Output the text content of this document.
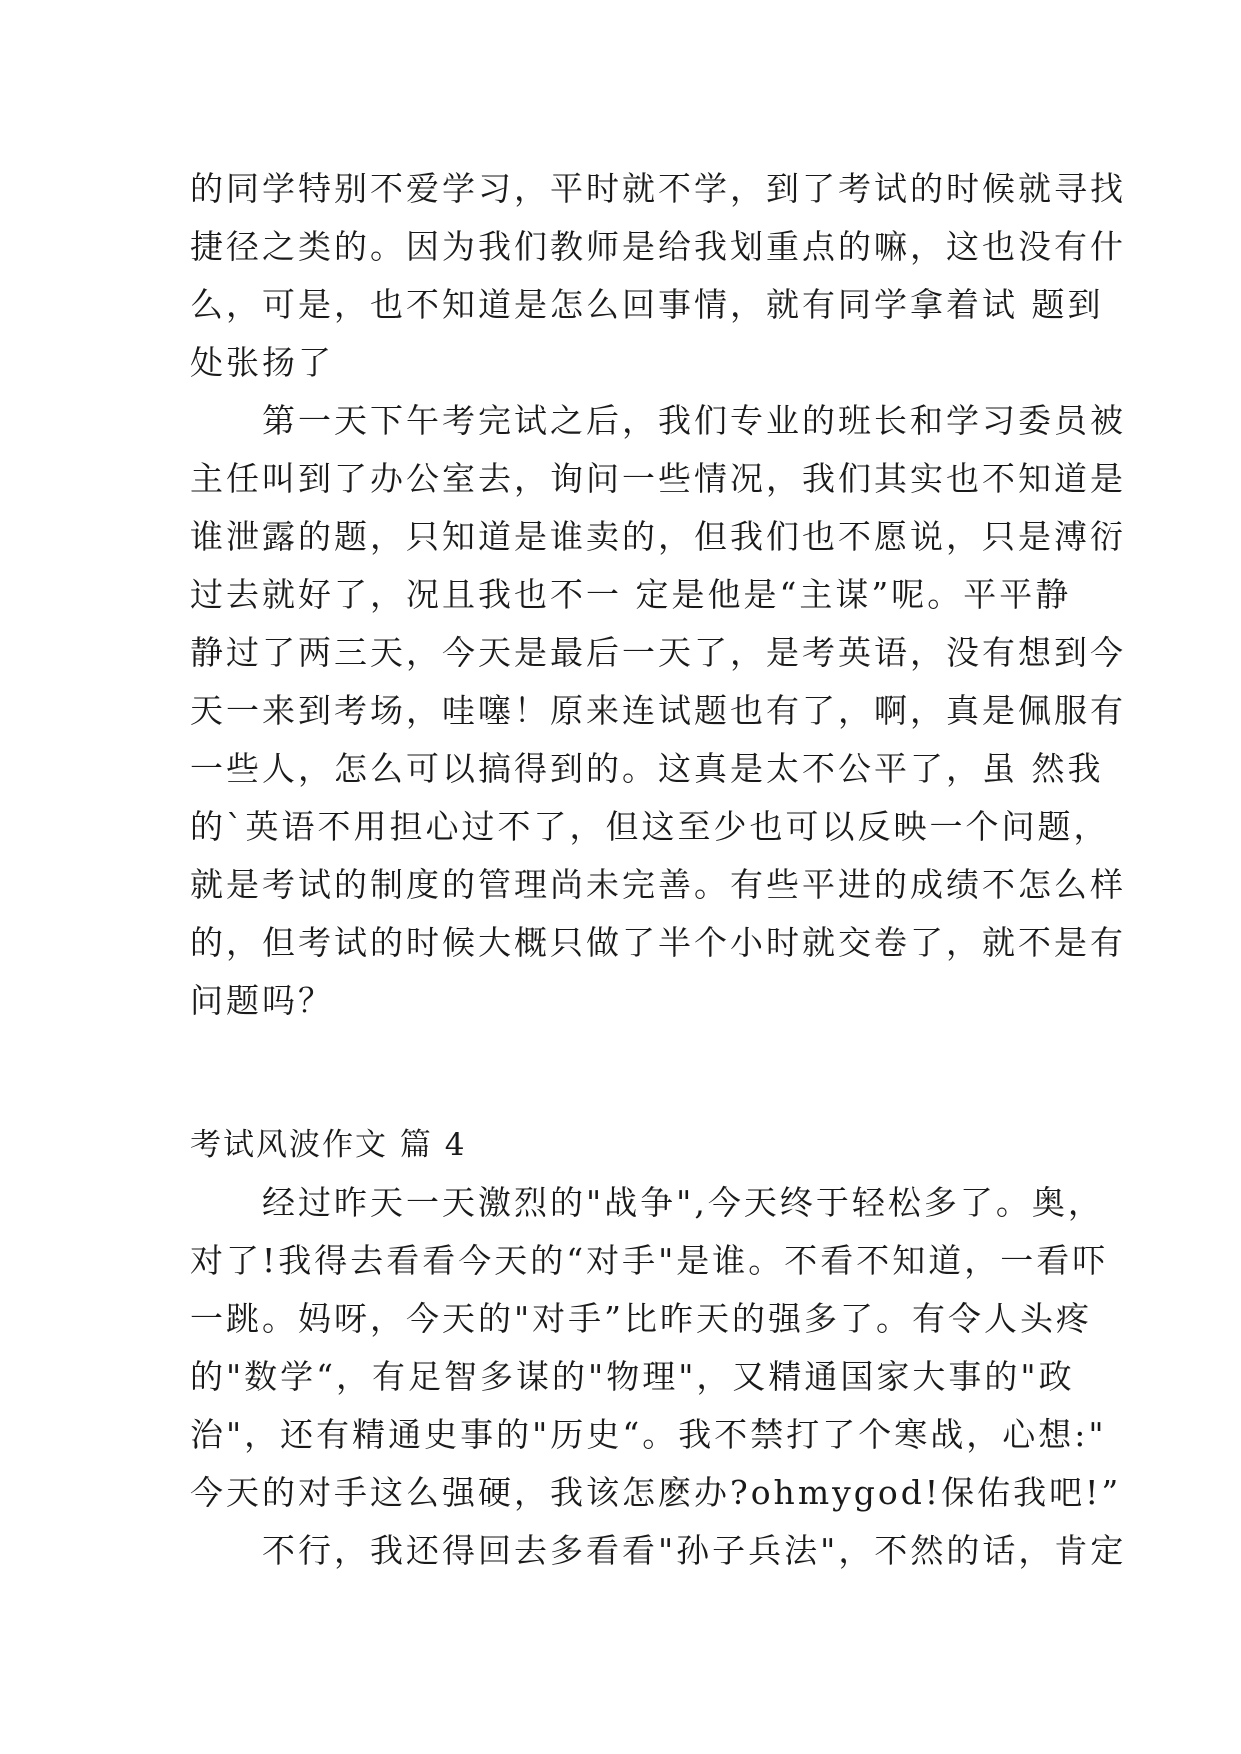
的同学特别不爱学习，平时就不学，到了考试的时候就寻找
捷径之类的。因为我们教师是给我划重点的嘛，这也没有什
么，可是，也不知道是怎么回事情，就有同学拿着试 题到
处张扬了
　　第一天下午考完试之后，我们专业的班长和学习委员被
主任叫到了办公室去，询问一些情况，我们其实也不知道是
谁泄露的题，只知道是谁卖的，但我们也不愿说，只是溥衍
过去就好了，况且我也不一 定是他是“主谋”呢。平平静
静过了两三天，今天是最后一天了，是考英语，没有想到今
天一来到考场，哇噻！原来连试题也有了，啊，真是佩服有
一些人，怎么可以搞得到的。这真是太不公平了，虽 然我
的`英语不用担心过不了，但这至少也可以反映一个问题，
就是考试的制度的管理尚未完善。有些平进的成绩不怎么样
的，但考试的时候大概只做了半个小时就交卷了，就不是有
问题吗？
考试风波作文 篇 4
　　经过昨天一天激烈的"战争",今天终于轻松多了。奥，
对了!我得去看看今天的“对手"是谁。不看不知道，一看吓
一跳。妈呀，今天的"对手”比昨天的强多了。有令人头疼
的"数学“，有足智多谋的"物理"，又精通国家大事的"政
治"，还有精通史事的"历史“。我不禁打了个寒战，心想:"
今天的对手这么强硬，我该怎麽办?ohmygod!保佑我吧!”
　　不行，我还得回去多看看"孙子兵法"，不然的话，肯定
